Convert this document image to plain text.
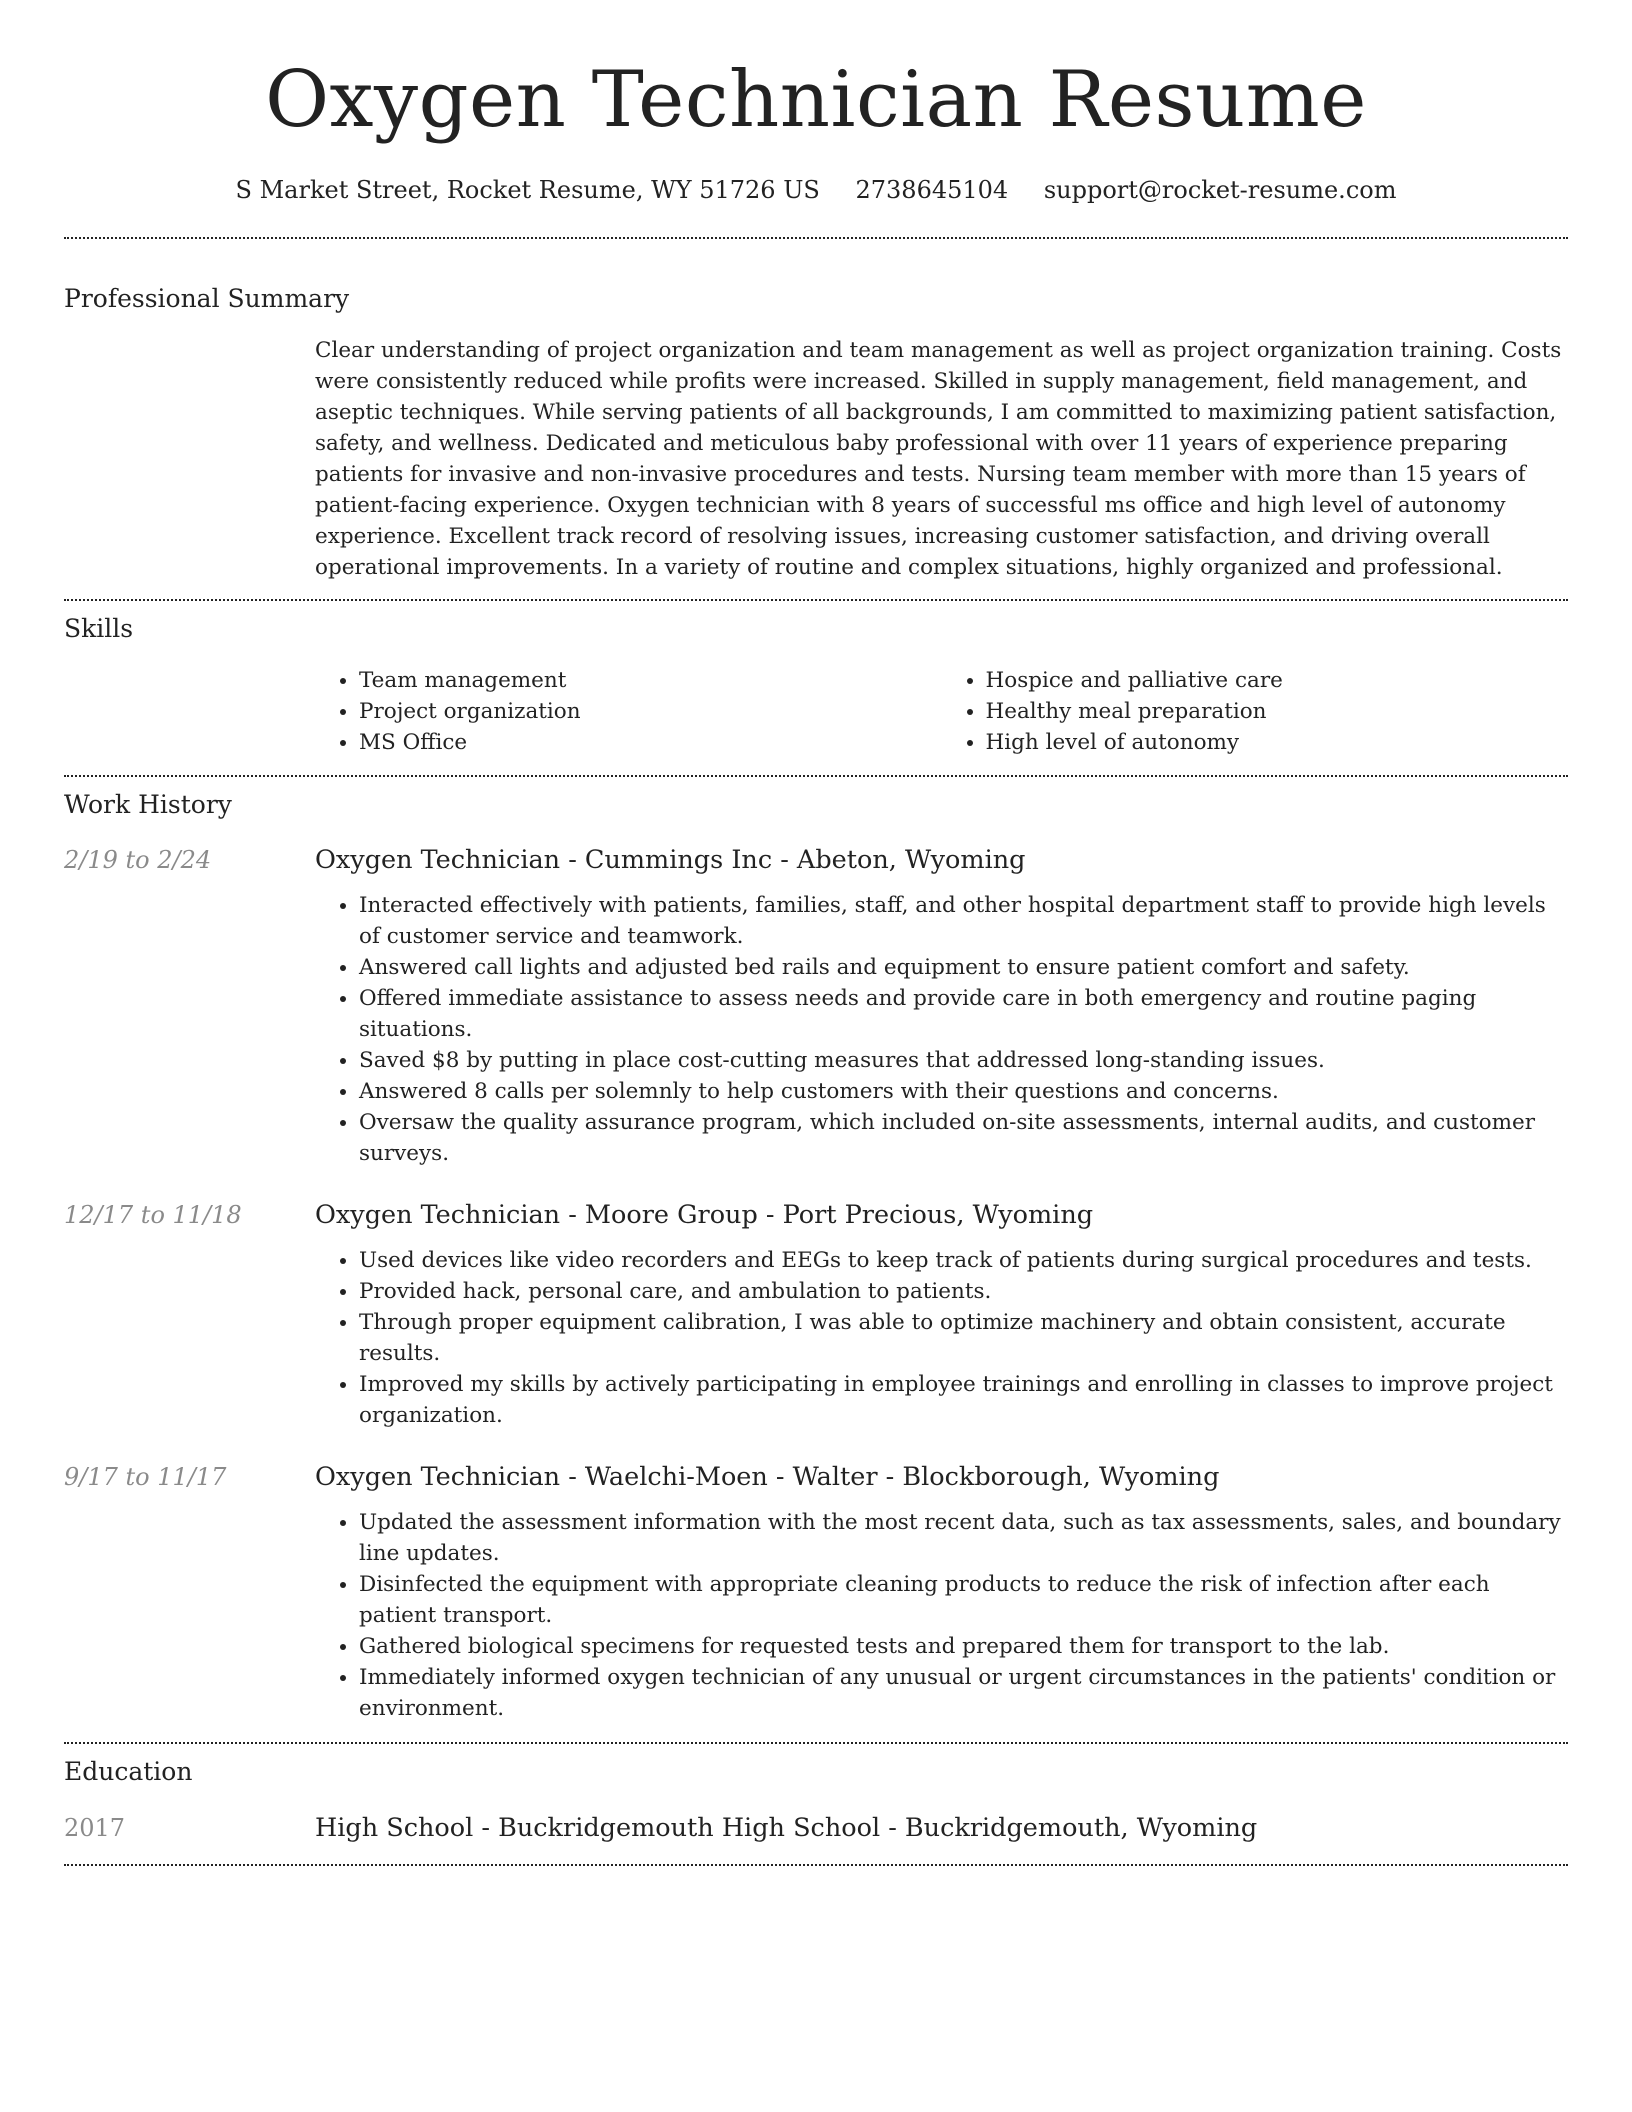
Oxygen Technician Resume
S Market Street, Rocket Resume, WY 51726 US 2738645104 support@rocket-resume.com
Professional Summary

Clear understanding of project organization and team management as well as project organization training. Costs were consistently reduced while profits were increased. Skilled in supply management, field management, and aseptic techniques. While serving patients of all backgrounds, I am committed to maximizing patient satisfaction, safety, and wellness. Dedicated and meticulous baby professional with over 11 years of experience preparing patients for invasive and non-invasive procedures and tests. Nursing team member with more than 15 years of patient-facing experience. Oxygen technician with 8 years of successful ms office and high level of autonomy experience. Excellent track record of resolving issues, increasing customer satisfaction, and driving overall operational improvements. In a variety of routine and complex situations, highly organized and professional.

Skills
• Team management
• Project organization
• MS Office
• Hospice and palliative care
• Healthy meal preparation
• High level of autonomy
Work History
2/19 to 2/24	Oxygen Technician - Cummings Inc - Abeton, Wyoming
• Interacted effectively with patients, families, staff, and other hospital department staff to provide high levels of customer service and teamwork.
• Answered call lights and adjusted bed rails and equipment to ensure patient comfort and safety.
• Offered immediate assistance to assess needs and provide care in both emergency and routine paging situations.
• Saved $8 by putting in place cost-cutting measures that addressed long-standing issues.
• Answered 8 calls per solemnly to help customers with their questions and concerns.
• Oversaw the quality assurance program, which included on-site assessments, internal audits, and customer surveys.
12/17 to 11/18	Oxygen Technician - Moore Group - Port Precious, Wyoming
• Used devices like video recorders and EEGs to keep track of patients during surgical procedures and tests.
• Provided hack, personal care, and ambulation to patients.
• Through proper equipment calibration, I was able to optimize machinery and obtain consistent, accurate results.
• Improved my skills by actively participating in employee trainings and enrolling in classes to improve project organization.
9/17 to 11/17	Oxygen Technician - Waelchi-Moen - Walter - Blockborough, Wyoming
• Updated the assessment information with the most recent data, such as tax assessments, sales, and boundary line updates.
• Disinfected the equipment with appropriate cleaning products to reduce the risk of infection after each patient transport.
• Gathered biological specimens for requested tests and prepared them for transport to the lab.
• Immediately informed oxygen technician of any unusual or urgent circumstances in the patients' condition or environment.
Education
2017	High School - Buckridgemouth High School - Buckridgemouth, Wyoming
